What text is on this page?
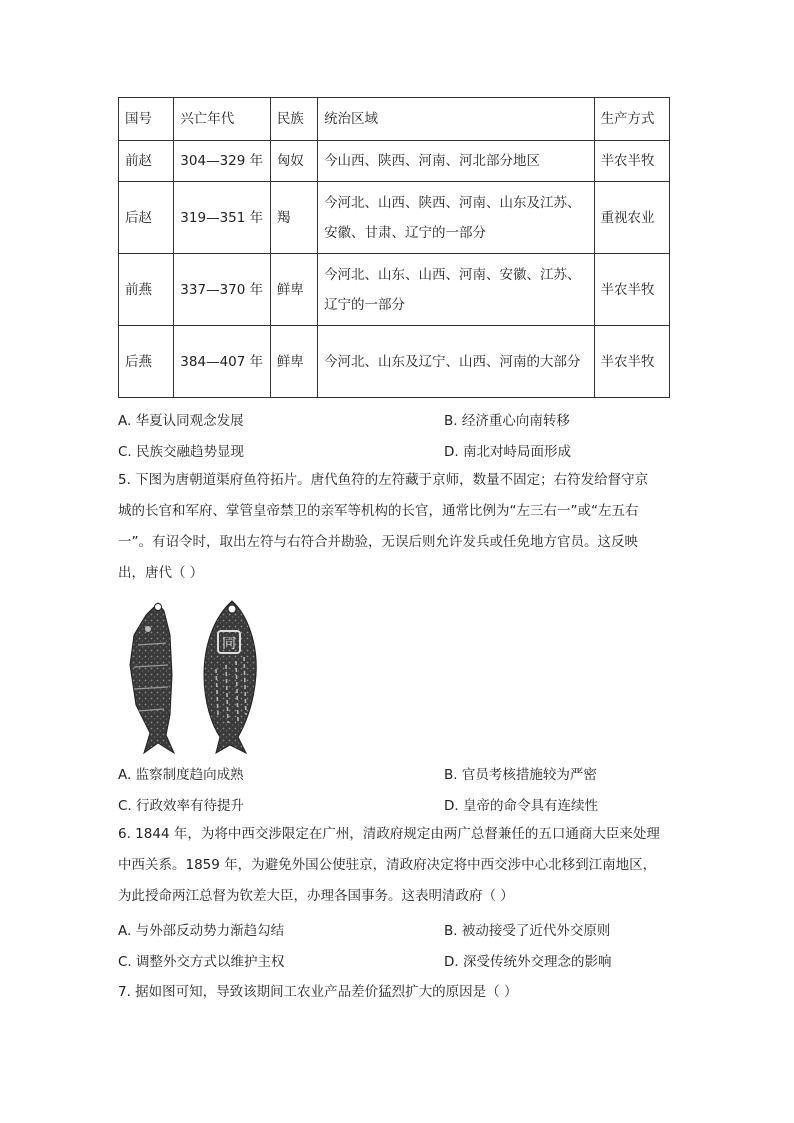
国号	兴亡年代	民族	统治区域	生产方式
前赵	304—329 年	匈奴	今山西、陕西、河南、河北部分地区	半农半牧
后赵	319—351 年	羯	今河北、山西、陕西、河南、山东及江苏、安徽、甘肃、辽宁的一部分	重视农业
前燕	337—370 年	鲜卑	今河北、山东、山西、河南、安徽、江苏、辽宁的一部分	半农半牧
后燕	384—407 年	鲜卑	今河北、山东及辽宁、山西、河南的大部分	半农半牧
A. 华夏认同观念发展	B. 经济重心向南转移
C. 民族交融趋势显现	D. 南北对峙局面形成

5. 下图为唐朝道渠府鱼符拓片。唐代鱼符的左符藏于京师，数量不固定；右符发给督守京

城的长官和军府、掌管皇帝禁卫的亲军等机构的长官，通常比例为“左三右一”或“左五右

一”。有诏令时，取出左符与右符合并勘验，无误后则允许发兵或任免地方官员。这反映

出，唐代（ ）

同
A. 监察制度趋向成熟	B. 官员考核措施较为严密
C. 行政效率有待提升	D. 皇帝的命令具有连续性

6. 1844 年，为将中西交涉限定在广州，清政府规定由两广总督兼任的五口通商大臣来处理

中西关系。1859 年，为避免外国公使驻京，清政府决定将中西交涉中心北移到江南地区，

为此授命两江总督为钦差大臣，办理各国事务。这表明清政府（ ）

A. 与外部反动势力渐趋勾结	B. 被动接受了近代外交原则
C. 调整外交方式以维护主权	D. 深受传统外交理念的影响
7. 据如图可知，导致该期间工农业产品差价猛烈扩大的原因是（ ）
